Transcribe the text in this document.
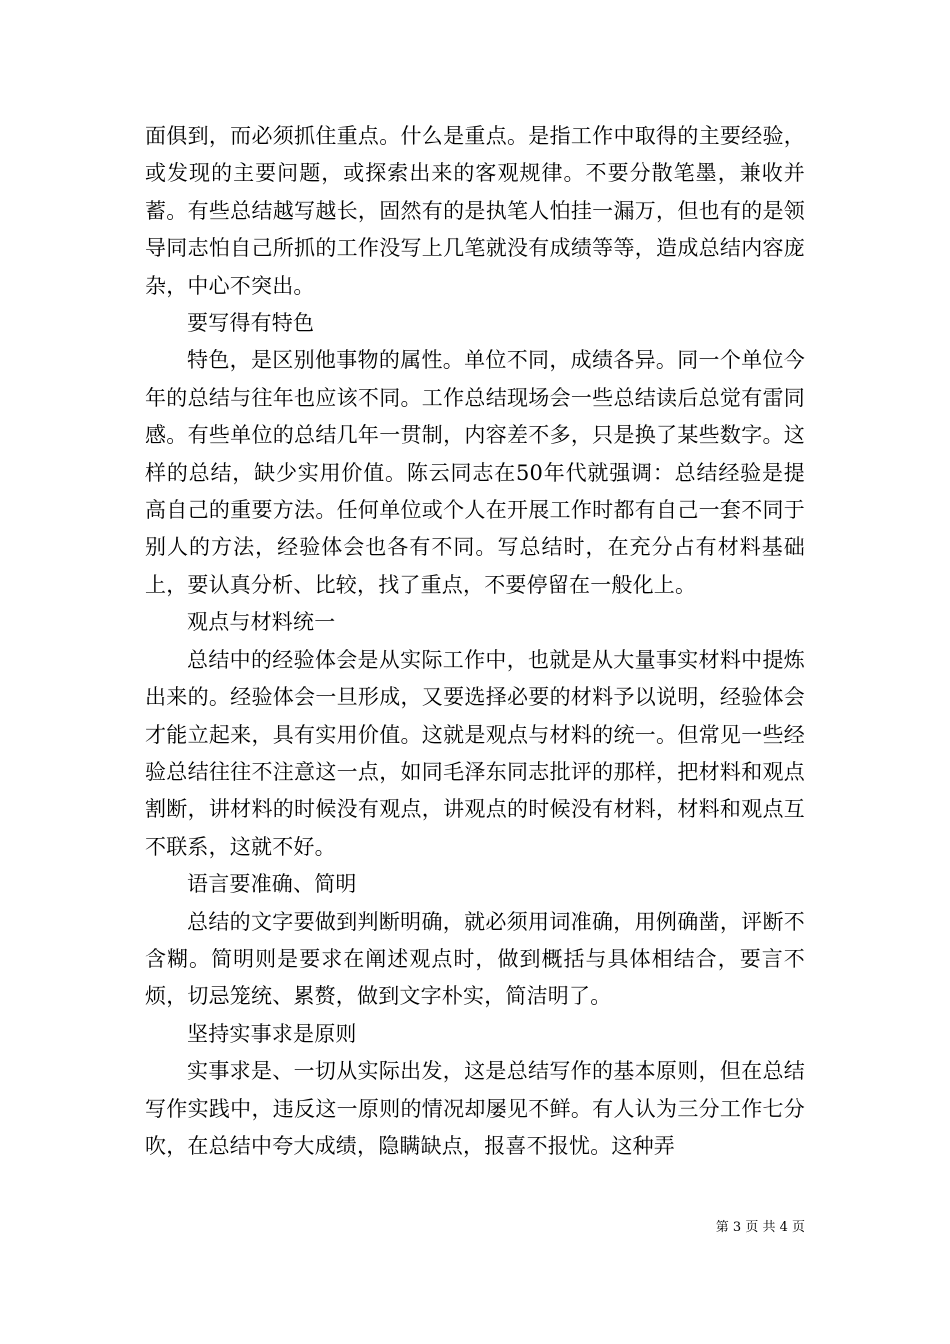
面俱到，而必须抓住重点。什么是重点。是指工作中取得的主要经验，或发现的主要问题，或探索出来的客观规律。不要分散笔墨，兼收并蓄。有些总结越写越长，固然有的是执笔人怕挂一漏万，但也有的是领导同志怕自己所抓的工作没写上几笔就没有成绩等等，造成总结内容庞杂，中心不突出。

要写得有特色

特色，是区别他事物的属性。单位不同，成绩各异。同一个单位今年的总结与往年也应该不同。工作总结现场会一些总结读后总觉有雷同感。有些单位的总结几年一贯制，内容差不多，只是换了某些数字。这样的总结，缺少实用价值。陈云同志在50年代就强调：总结经验是提高自己的重要方法。任何单位或个人在开展工作时都有自己一套不同于别人的方法，经验体会也各有不同。写总结时，在充分占有材料基础上，要认真分析、比较，找了重点，不要停留在一般化上。

观点与材料统一

总结中的经验体会是从实际工作中，也就是从大量事实材料中提炼出来的。经验体会一旦形成，又要选择必要的材料予以说明，经验体会才能立起来，具有实用价值。这就是观点与材料的统一。但常见一些经验总结往往不注意这一点，如同毛泽东同志批评的那样，把材料和观点割断，讲材料的时候没有观点，讲观点的时候没有材料，材料和观点互不联系，这就不好。

语言要准确、简明

总结的文字要做到判断明确，就必须用词准确，用例确凿，评断不含糊。简明则是要求在阐述观点时，做到概括与具体相结合，要言不烦，切忌笼统、累赘，做到文字朴实，简洁明了。

坚持实事求是原则

实事求是、一切从实际出发，这是总结写作的基本原则，但在总结写作实践中，违反这一原则的情况却屡见不鲜。有人认为三分工作七分吹，在总结中夸大成绩，隐瞒缺点，报喜不报忧。这种弄

第 3 页 共 4 页
